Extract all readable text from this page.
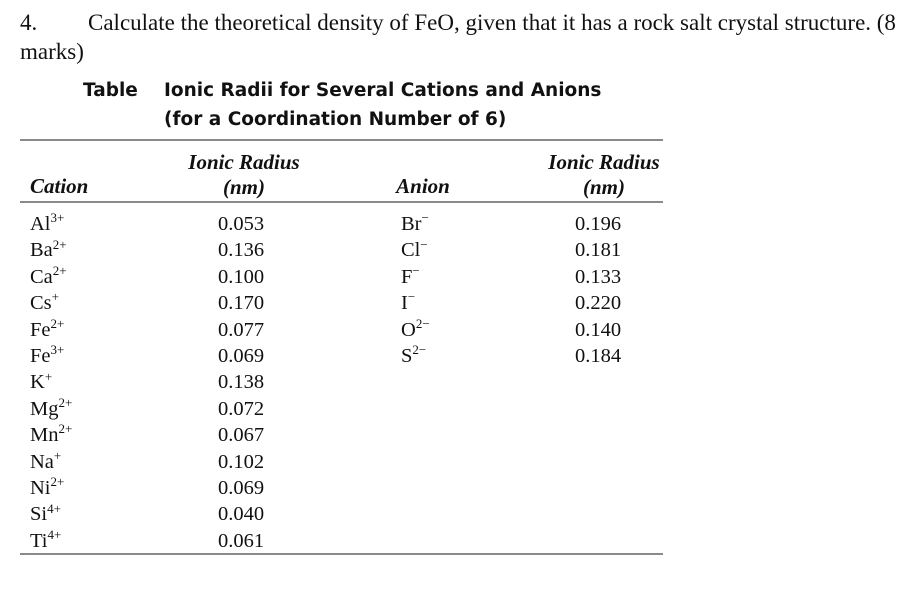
4. Calculate the theoretical density of FeO, given that it has a rock salt crystal structure. (8 marks)

Table Ionic Radii for Several Cations and Anions
(for a Coordination Number of 6)
Cation
Ionic Radius
(nm)	Anion
Ionic Radius
(nm)
$Al^{3+}$
$Ba^{2+}$
$Ca^{2+}$
Cs+
$Fe^{2+}$
$Fe^{3+}$
K+
$Mg^{2+}$
$Mn^{2+}$
Na+
$Ni^{2+}$
$Si^{4+}$
$Ti^{4+}$
0.053
0.136
0.100
0.170
0.077
0.069
0.138
0.072
0.067
0.102
0.069
0.040
0.061
Br−
Cl−
F−
I−
$O^{2-}$
$S^{2-}$
0.196
0.181
0.133
0.220
0.140
0.184
